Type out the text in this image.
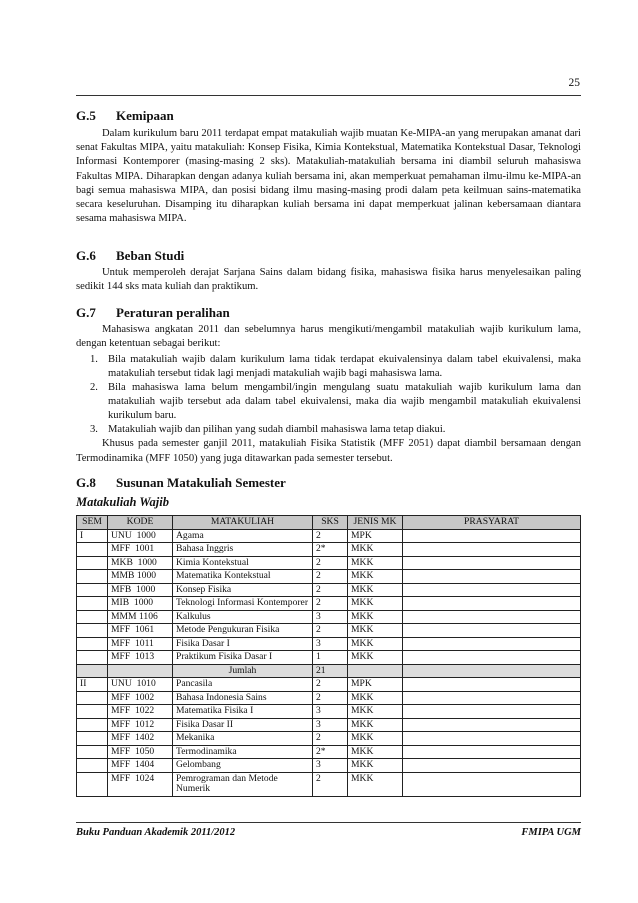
25

G.5 Kemipaan

Dalam kurikulum baru 2011 terdapat empat matakuliah wajib muatan Ke-MIPA-an yang merupakan amanat dari senat Fakultas MIPA, yaitu matakuliah: Konsep Fisika, Kimia Kontekstual, Matematika Kontekstual Dasar, Teknologi Informasi Kontemporer (masing-masing 2 sks). Matakuliah-matakuliah bersama ini diambil seluruh mahasiswa Fakultas MIPA. Diharapkan dengan adanya kuliah bersama ini, akan memperkuat pemahaman ilmu-ilmu ke-MIPA-an bagi semua mahasiswa MIPA, dan posisi bidang ilmu masing-masing prodi dalam peta keilmuan sains-matematika secara keseluruhan. Disamping itu diharapkan kuliah bersama ini dapat memperkuat jalinan kebersamaan diantara sesama mahasiswa MIPA.

G.6 Beban Studi

Untuk memperoleh derajat Sarjana Sains dalam bidang fisika, mahasiswa fisika harus menyelesaikan paling sedikit 144 sks mata kuliah dan praktikum.

G.7 Peraturan peralihan

Mahasiswa angkatan 2011 dan sebelumnya harus mengikuti/mengambil matakuliah wajib kurikulum lama, dengan ketentuan sebagai berikut:

1. Bila matakuliah wajib dalam kurikulum lama tidak terdapat ekuivalensinya dalam tabel ekuivalensi, maka matakuliah tersebut tidak lagi menjadi matakuliah wajib bagi mahasiswa lama.
2. Bila mahasiswa lama belum mengambil/ingin mengulang suatu matakuliah wajib kurikulum lama dan matakuliah wajib tersebut ada dalam tabel ekuivalensi, maka dia wajib mengambil matakuliah ekuivalensi kurikulum baru.
3. Matakuliah wajib dan pilihan yang sudah diambil mahasiswa lama tetap diakui.

Khusus pada semester ganjil 2011, matakuliah Fisika Statistik (MFF 2051) dapat diambil bersamaan dengan Termodinamika (MFF 1050) yang juga ditawarkan pada semester tersebut.

G.8 Susunan Matakuliah Semester

Matakuliah Wajib
SEM	KODE	MATAKULIAH	SKS	JENIS MK	PRASYARAT
I	UNU  1000	Agama	2	MPK	
	MFF  1001	Bahasa Inggris	2*	MKK	
	MKB  1000	Kimia Kontekstual	2	MKK	
	MMB 1000	Matematika Kontekstual	2	MKK	
	MFB  1000	Konsep Fisika	2	MKK	
	MIB  1000	Teknologi Informasi Kontemporer	2	MKK	
	MMM 1106	Kalkulus	3	MKK	
	MFF  1061	Metode Pengukuran Fisika	2	MKK	
	MFF  1011	Fisika Dasar I	3	MKK	
	MFF  1013	Praktikum Fisika Dasar I	1	MKK	
		Jumlah	21		
II	UNU  1010	Pancasila	2	MPK	
	MFF  1002	Bahasa Indonesia Sains	2	MKK	
	MFF  1022	Matematika Fisika I	3	MKK	
	MFF  1012	Fisika Dasar II	3	MKK	
	MFF  1402	Mekanika	2	MKK	
	MFF  1050	Termodinamika	2*	MKK	
	MFF  1404	Gelombang	3	MKK	
	MFF  1024	Pemrograman dan Metode Numerik	2	MKK	
Buku Panduan Akademik 2011/2012	FMIPA UGM
